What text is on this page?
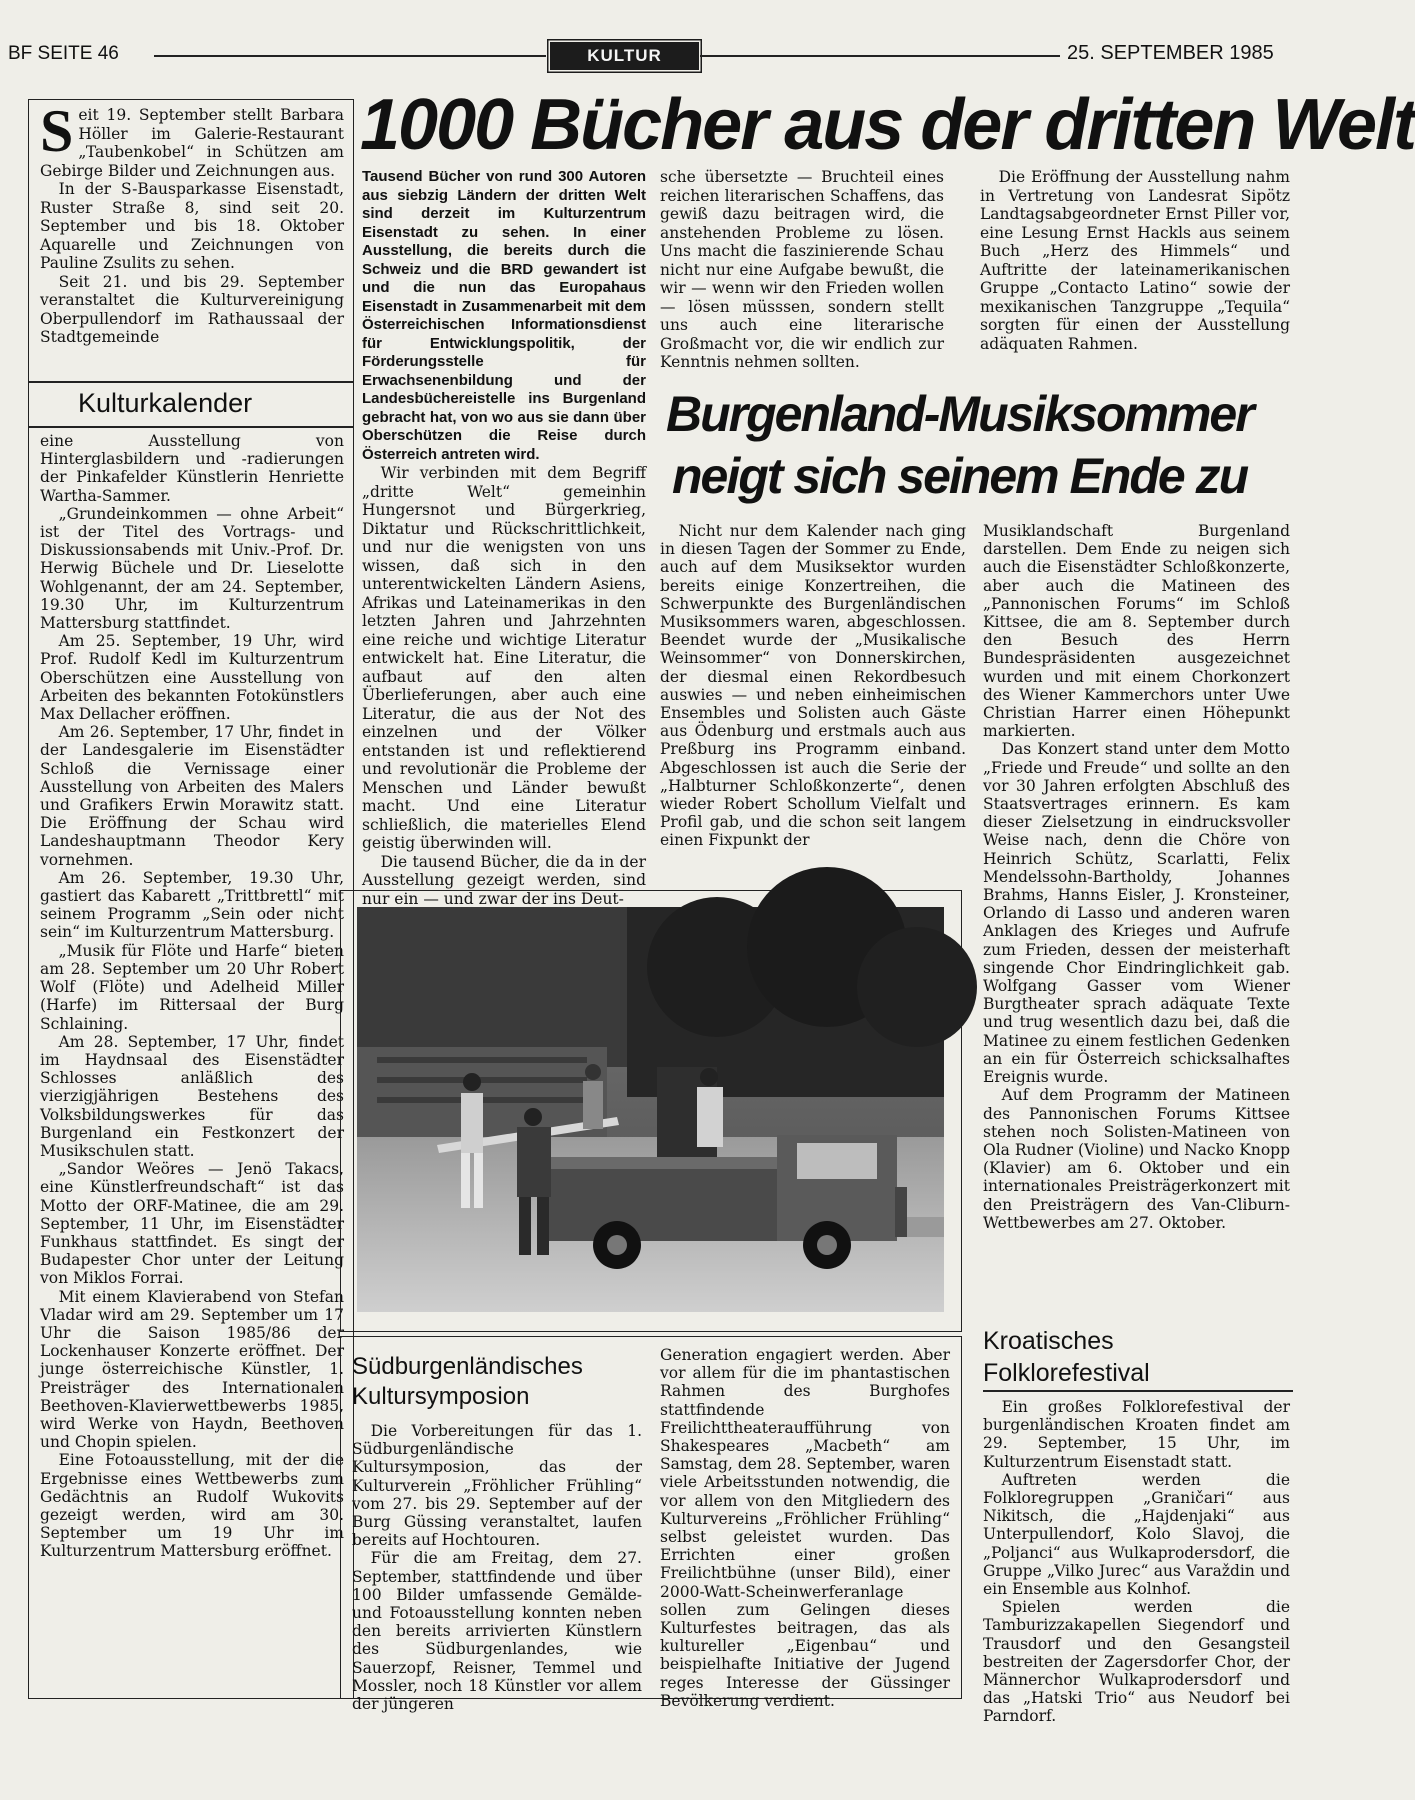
BF SEITE 46	KULTUR	25. SEPTEMBER 1985
S eit 19. September stellt Barbara Höller im Galerie-Restaurant „Taubenkobel“ in Schützen am Gebirge Bilder und Zeichnungen aus.

In der S-Bausparkasse Eisenstadt, Ruster Straße 8, sind seit 20. September und bis 18. Oktober Aquarelle und Zeichnungen von Pauline Zsulits zu sehen.

Seit 21. und bis 29. September veranstaltet die Kulturvereinigung Oberpullendorf im Rathaussaal der Stadtgemeinde

Kulturkalender

eine Ausstellung von Hinterglasbildern und -radierungen der Pinkafelder Künstlerin Henriette Wartha-Sammer.

„Grundeinkommen — ohne Arbeit“ ist der Titel des Vortrags- und Diskussionsabends mit Univ.-Prof. Dr. Herwig Büchele und Dr. Lieselotte Wohlgenannt, der am 24. September, 19.30 Uhr, im Kulturzentrum Mattersburg stattfindet.

Am 25. September, 19 Uhr, wird Prof. Rudolf Kedl im Kulturzentrum Oberschützen eine Ausstellung von Arbeiten des bekannten Fotokünstlers Max Dellacher eröffnen.

Am 26. September, 17 Uhr, findet in der Landesgalerie im Eisenstädter Schloß die Vernissage einer Ausstellung von Arbeiten des Malers und Grafikers Erwin Morawitz statt. Die Eröffnung der Schau wird Landeshauptmann Theodor Kery vornehmen.

Am 26. September, 19.30 Uhr, gastiert das Kabarett „Trittbrettl“ mit seinem Programm „Sein oder nicht sein“ im Kulturzentrum Mattersburg.

„Musik für Flöte und Harfe“ bieten am 28. September um 20 Uhr Robert Wolf (Flöte) und Adelheid Miller (Harfe) im Rittersaal der Burg Schlaining.

Am 28. September, 17 Uhr, findet im Haydnsaal des Eisenstädter Schlosses anläßlich des vierzigjährigen Bestehens des Volksbildungswerkes für das Burgenland ein Festkonzert der Musikschulen statt.

„Sandor Weöres — Jenö Takacs, eine Künstlerfreundschaft“ ist das Motto der ORF-Matinee, die am 29. September, 11 Uhr, im Eisenstädter Funkhaus stattfindet. Es singt der Budapester Chor unter der Leitung von Miklos Forrai.

Mit einem Klavierabend von Stefan Vladar wird am 29. September um 17 Uhr die Saison 1985/86 der Lockenhauser Konzerte eröffnet. Der junge österreichische Künstler, 1. Preisträger des Internationalen Beethoven-Klavierwettbewerbs 1985, wird Werke von Haydn, Beethoven und Chopin spielen.

Eine Fotoausstellung, mit der die Ergebnisse eines Wettbewerbs zum Gedächtnis an Rudolf Wukovits gezeigt werden, wird am 30. September um 19 Uhr im Kulturzentrum Mattersburg eröffnet.

1000 Bücher aus der dritten Welt

Tausend Bücher von rund 300 Autoren aus siebzig Ländern der dritten Welt sind derzeit im Kulturzentrum Eisenstadt zu sehen. In einer Ausstellung, die bereits durch die Schweiz und die BRD gewandert ist und die nun das Europahaus Eisenstadt in Zusammenarbeit mit dem Österreichischen Informationsdienst für Entwicklungspolitik, der Förderungsstelle für Erwachsenenbildung und der Landesbüchereistelle ins Burgenland gebracht hat, von wo aus sie dann über Oberschützen die Reise durch Österreich antreten wird.

Wir verbinden mit dem Begriff „dritte Welt“ gemeinhin Hungersnot und Bürgerkrieg, Diktatur und Rückschrittlichkeit, und nur die wenigsten von uns wissen, daß sich in den unterentwickelten Ländern Asiens, Afrikas und Lateinamerikas in den letzten Jahren und Jahrzehnten eine reiche und wichtige Literatur entwickelt hat. Eine Literatur, die aufbaut auf den alten Überlieferungen, aber auch eine Literatur, die aus der Not des einzelnen und der Völker entstanden ist und reflektierend und revolutionär die Probleme der Menschen und Länder bewußt macht. Und eine Literatur schließlich, die materielles Elend geistig überwinden will.

Die tausend Bücher, die da in der Ausstellung gezeigt werden, sind nur ein — und zwar der ins Deut-

sche übersetzte — Bruchteil eines reichen literarischen Schaffens, das gewiß dazu beitragen wird, die anstehenden Probleme zu lösen. Uns macht die faszinierende Schau nicht nur eine Aufgabe bewußt, die wir — wenn wir den Frieden wollen — lösen müsssen, sondern stellt uns auch eine literarische Großmacht vor, die wir endlich zur Kenntnis nehmen sollten.

Die Eröffnung der Ausstellung nahm in Vertretung von Landesrat Sipötz Landtagsabgeordneter Ernst Piller vor, eine Lesung Ernst Hackls aus seinem Buch „Herz des Himmels“ und Auftritte der lateinamerikanischen Gruppe „Contacto Latino“ sowie der mexikanischen Tanzgruppe „Tequila“ sorgten für einen der Ausstellung adäquaten Rahmen.

Burgenland-Musiksommer
neigt sich seinem Ende zu

Nicht nur dem Kalender nach ging in diesen Tagen der Sommer zu Ende, auch auf dem Musiksektor wurden bereits einige Konzertreihen, die Schwerpunkte des Burgenländischen Musiksommers waren, abgeschlossen. Beendet wurde der „Musikalische Weinsommer“ von Donnerskirchen, der diesmal einen Rekordbesuch auswies — und neben einheimischen Ensembles und Solisten auch Gäste aus Ödenburg und erstmals auch aus Preßburg ins Programm einband. Abgeschlossen ist auch die Serie der „Halbturner Schloßkonzerte“, denen wieder Robert Schollum Vielfalt und Profil gab, und die schon seit langem einen Fixpunkt der

Musiklandschaft Burgenland darstellen. Dem Ende zu neigen sich auch die Eisenstädter Schloßkonzerte, aber auch die Matineen des „Pannonischen Forums“ im Schloß Kittsee, die am 8. September durch den Besuch des Herrn Bundespräsidenten ausgezeichnet wurden und mit einem Chorkonzert des Wiener Kammerchors unter Uwe Christian Harrer einen Höhepunkt markierten.

Das Konzert stand unter dem Motto „Friede und Freude“ und sollte an den vor 30 Jahren erfolgten Abschluß des Staatsvertrages erinnern. Es kam dieser Zielsetzung in eindrucksvoller Weise nach, denn die Chöre von Heinrich Schütz, Scarlatti, Felix Mendelssohn-Bartholdy, Johannes Brahms, Hanns Eisler, J. Kronsteiner, Orlando di Lasso und anderen waren Anklagen des Krieges und Aufrufe zum Frieden, dessen der meisterhaft singende Chor Eindringlichkeit gab. Wolfgang Gasser vom Wiener Burgtheater sprach adäquate Texte und trug wesentlich dazu bei, daß die Matinee zu einem festlichen Gedenken an ein für Österreich schicksalhaftes Ereignis wurde.

Auf dem Programm der Matineen des Pannonischen Forums Kittsee stehen noch Solisten-Matineen von Ola Rudner (Violine) und Nacko Knopp (Klavier) am 6. Oktober und ein internationales Preisträgerkonzert mit den Preisträgern des Van-Cliburn-Wettbewerbes am 27. Oktober.

Südburgenländisches
Kultursymposion

Die Vorbereitungen für das 1. Südburgenländische Kultursymposion, das der Kulturverein „Fröhlicher Frühling“ vom 27. bis 29. September auf der Burg Güssing veranstaltet, laufen bereits auf Hochtouren.

Für die am Freitag, dem 27. September, stattfindende und über 100 Bilder umfassende Gemälde- und Fotoausstellung konnten neben den bereits arrivierten Künstlern des Südburgenlandes, wie Sauerzopf, Reisner, Temmel und Mossler, noch 18 Künstler vor allem der jüngeren

Generation engagiert werden. Aber vor allem für die im phantastischen Rahmen des Burghofes stattfindende Freilichttheateraufführung von Shakespeares „Macbeth“ am Samstag, dem 28. September, waren viele Arbeitsstunden notwendig, die vor allem von den Mitgliedern des Kulturvereins „Fröhlicher Frühling“ selbst geleistet wurden. Das Errichten einer großen Freilichtbühne (unser Bild), einer 2000-Watt-Scheinwerferanlage sollen zum Gelingen dieses Kulturfestes beitragen, das als kultureller „Eigenbau“ und beispielhafte Initiative der Jugend reges Interesse der Güssinger Bevölkerung verdient.

Kroatisches
Folklorefestival

Ein großes Folklorefestival der burgenländischen Kroaten findet am 29. September, 15 Uhr, im Kulturzentrum Eisenstadt statt.

Auftreten werden die Folkloregruppen „Graničari“ aus Nikitsch, die „Hajdenjaki“ aus Unterpullendorf, Kolo Slavoj, die „Poljanci“ aus Wulkaprodersdorf, die Gruppe „Vilko Jurec“ aus Varaždin und ein Ensemble aus Kolnhof.

Spielen werden die Tamburizzakapellen Siegendorf und Trausdorf und den Gesangsteil bestreiten der Zagersdorfer Chor, der Männerchor Wulkaprodersdorf und das „Hatski Trio“ aus Neudorf bei Parndorf.
